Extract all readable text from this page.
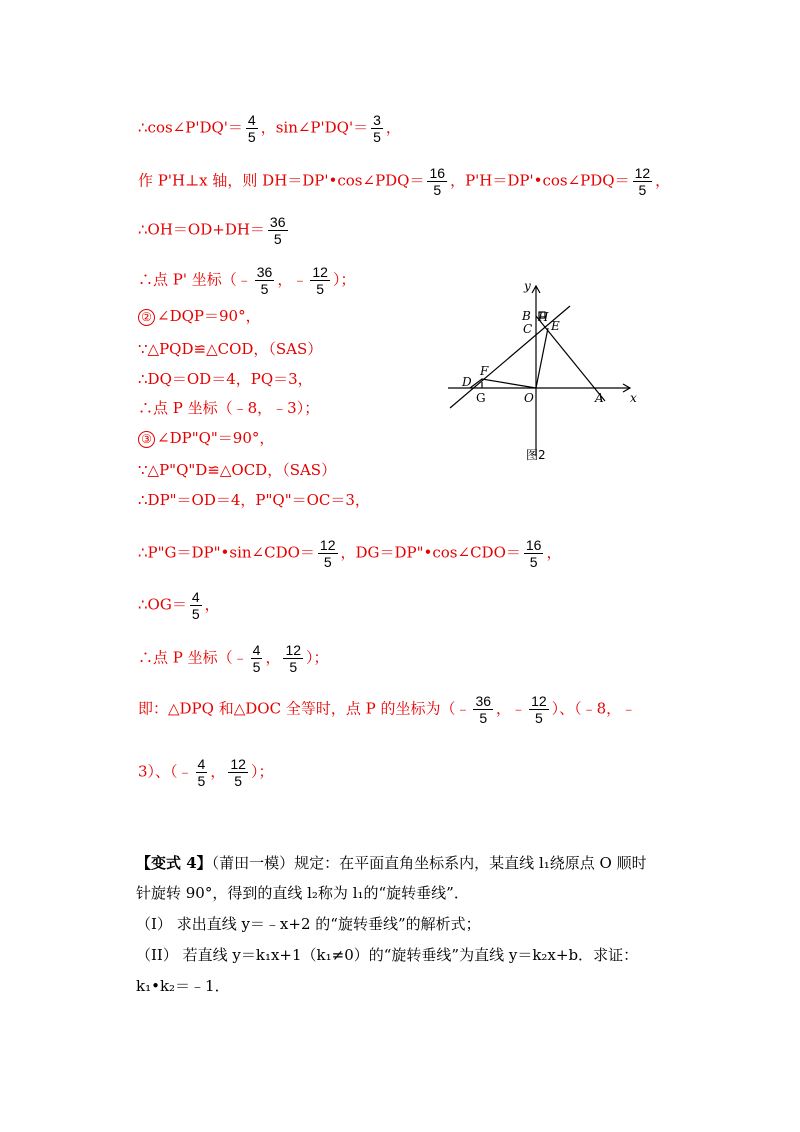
∴cos∠P'DQ'＝ $\frac{4}{5}$ ，sin∠P'DQ'＝ $\frac{3}{5}$ ，
作 P'H⊥x 轴，则 DH＝DP'•cos∠PDQ＝ $\frac{16}{5}$ ，P'H＝DP'•cos∠PDQ＝ $\frac{12}{5}$ ，
∴OH＝OD+DH＝ $\frac{36}{5}$
∴点 P' 坐标（﹣ $\frac{36}{5}$ ，﹣ $\frac{12}{5}$ ）；
② ∠DQP＝90°，
∵△PQD≌△COD，（SAS）
∴DQ＝OD＝4，PQ＝3，
∴点 P 坐标（﹣8，﹣3）；
③ ∠DP"Q"＝90°，
∵△P"Q"D≌△OCD，（SAS）
∴DP"＝OD＝4，P"Q"＝OC＝3，
∴P"G＝DP"•sin∠CDO＝ $\frac{12}{5}$ ，DG＝DP"•cos∠CDO＝ $\frac{16}{5}$ ，
∴OG＝ $\frac{4}{5}$ ，
∴点 P 坐标（﹣ $\frac{4}{5}$ ， $\frac{12}{5}$ ）；
即：△DPQ 和△DOC 全等时，点 P 的坐标为（﹣ $\frac{36}{5}$ ，﹣ $\frac{12}{5}$ ）、（﹣8，﹣
3）、（﹣ $\frac{4}{5}$ ， $\frac{12}{5}$ ）；
y
x
B
C
H
E
F
D
O	A
G
图2
【变式 4】（莆田一模）规定：在平面直角坐标系内，某直线 l₁绕原点 O 顺时
针旋转 90°，得到的直线 l₂称为 l₁的“旋转垂线”．
（I） 求出直线 y＝﹣x+2 的“旋转垂线”的解析式；
（II） 若直线 y＝k₁x+1（k₁≠0）的“旋转垂线”为直线 y＝k₂x+b．求证：
k₁•k₂＝﹣1．
